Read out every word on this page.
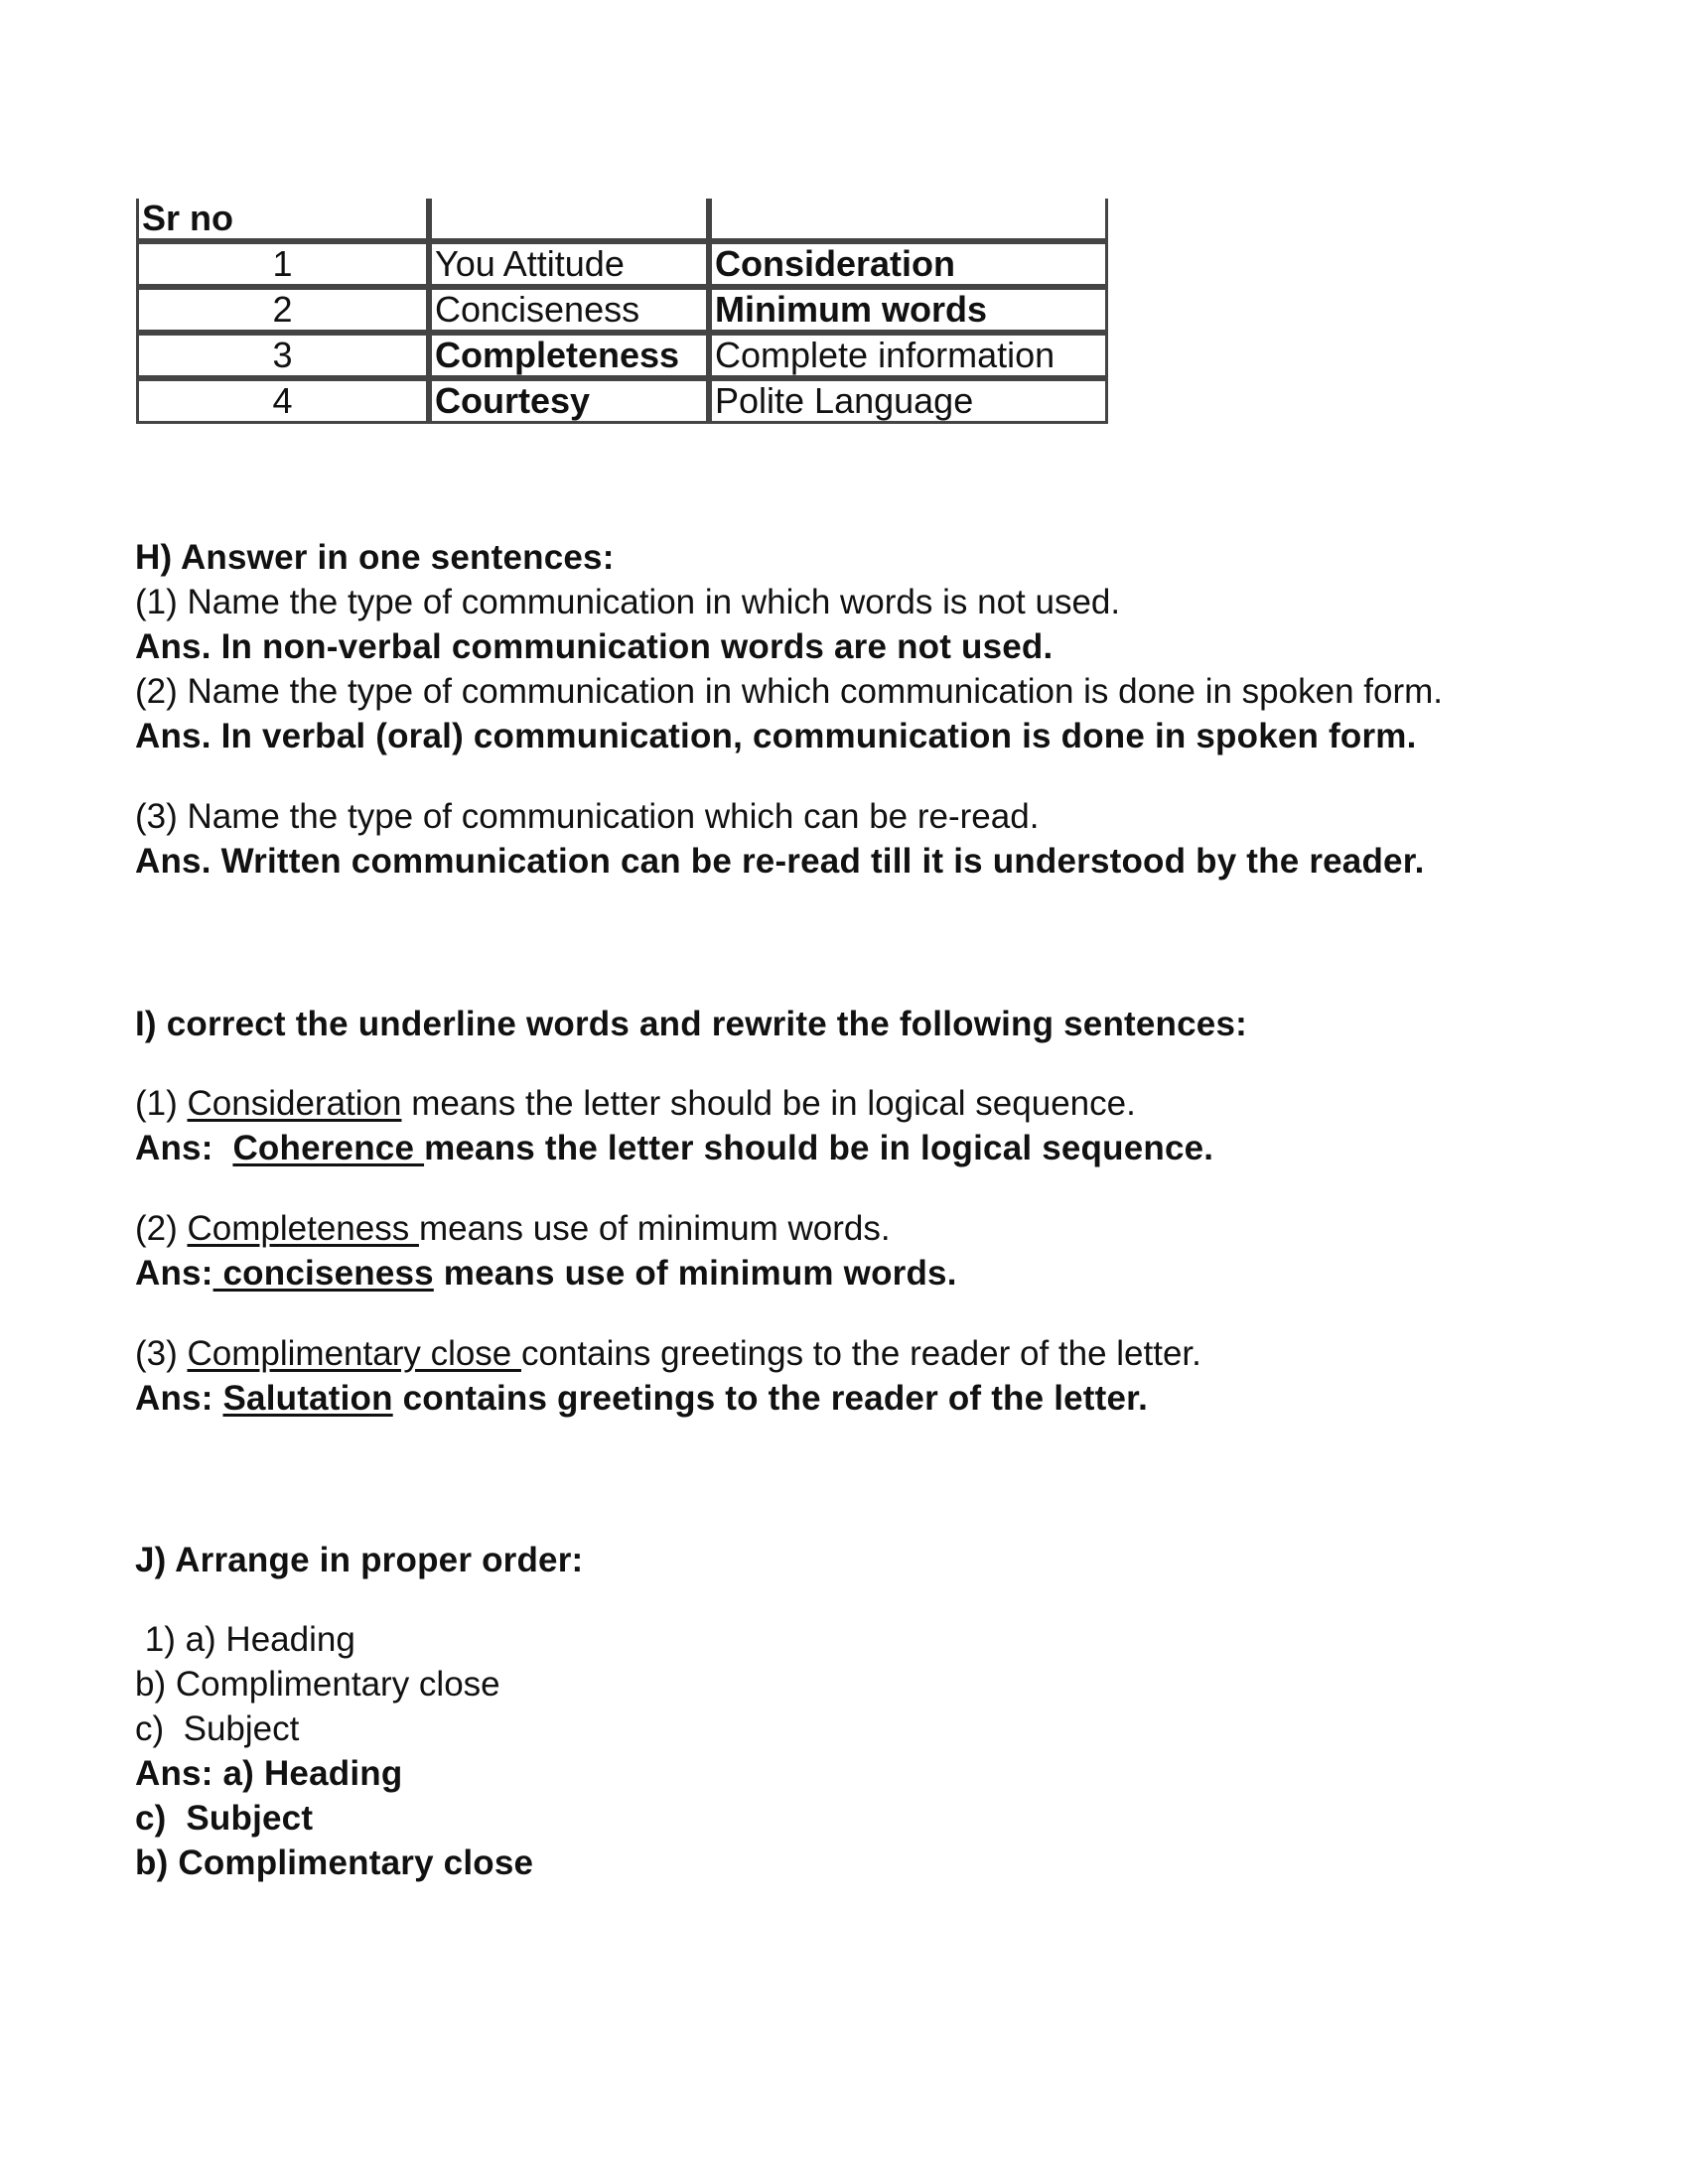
Sr no		
1	You Attitude	Consideration
2	Conciseness	Minimum words
3	Completeness	Complete information
4	Courtesy	Polite Language
H) Answer in one sentences:
(1) Name the type of communication in which words is not used.
Ans. In non-verbal communication words are not used.
(2) Name the type of communication in which communication is done in spoken form.
Ans. In verbal (oral) communication, communication is done in spoken form.
(3) Name the type of communication which can be re-read.
Ans. Written communication can be re-read till it is understood by the reader.
I) correct the underline words and rewrite the following sentences:
(1) Consideration means the letter should be in logical sequence.
Ans:  Coherence means the letter should be in logical sequence.
(2) Completeness means use of minimum words.
Ans: conciseness means use of minimum words.
(3) Complimentary close contains greetings to the reader of the letter.
Ans: Salutation contains greetings to the reader of the letter.
J) Arrange in proper order:
1) a) Heading
b) Complimentary close
c)  Subject
Ans: a) Heading
c)  Subject
b) Complimentary close
